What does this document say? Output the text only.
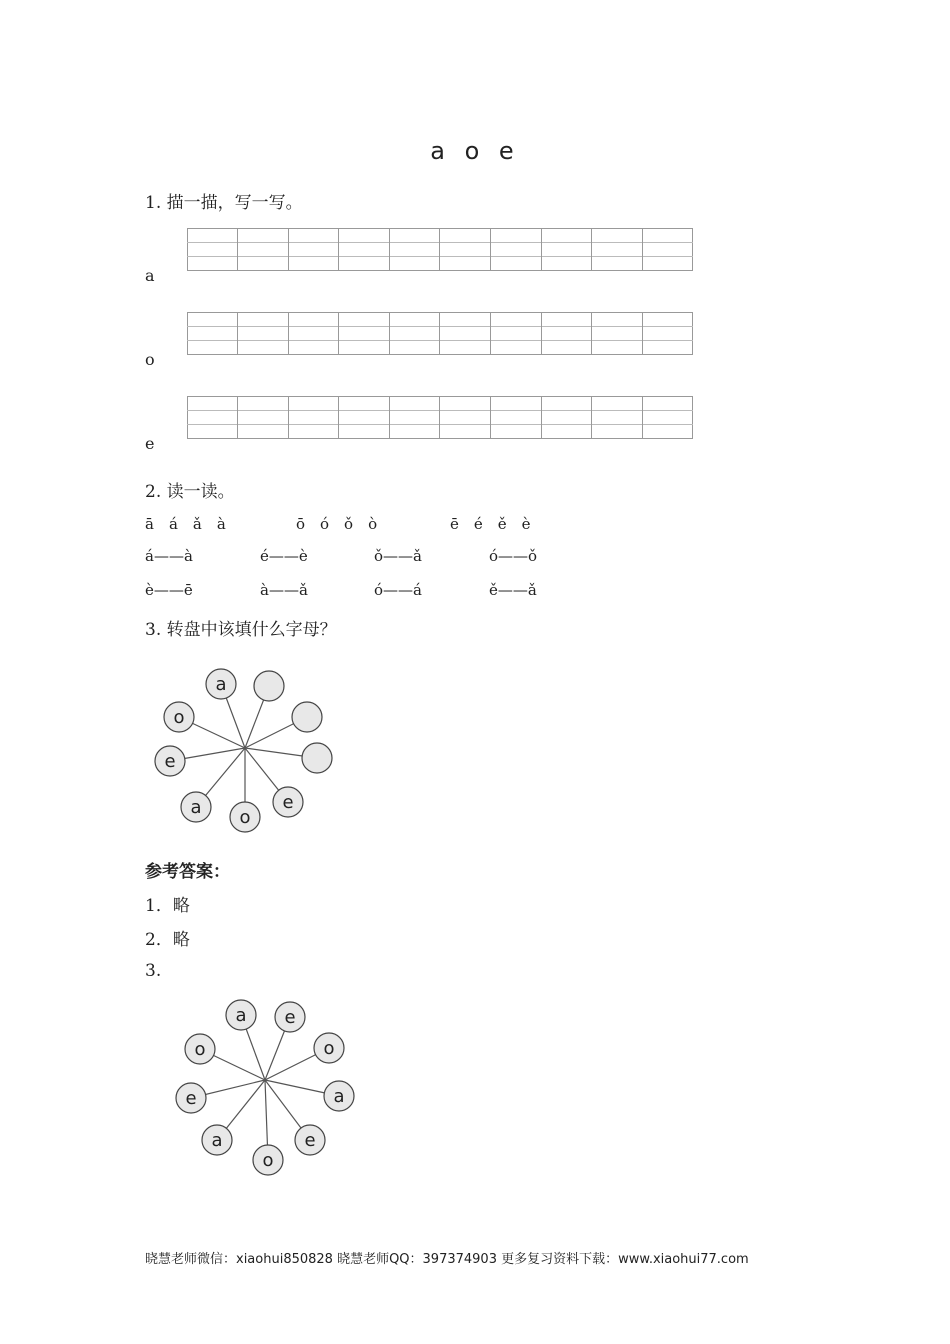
a o e
1. 描一描，写一写。
a
o
e
2. 读一读。

ā　á　ǎ　à

	ō　ó　ǒ　ò

	ē　é　ě　è

á——à

	é——è

	ǒ——ǎ

	ó——ǒ

è——ē

	à——ǎ

	ó——á

	ě——ǎ

3. 转盘中该填什么字母？
a
e
o
a
e
o
参考答案：
1．略
2．略
3.
a e
o
a
e
o
a
e
o
晓慧老师微信：xiaohui850828 晓慧老师QQ：397374903 更多复习资料下载：www.xiaohui77.com
